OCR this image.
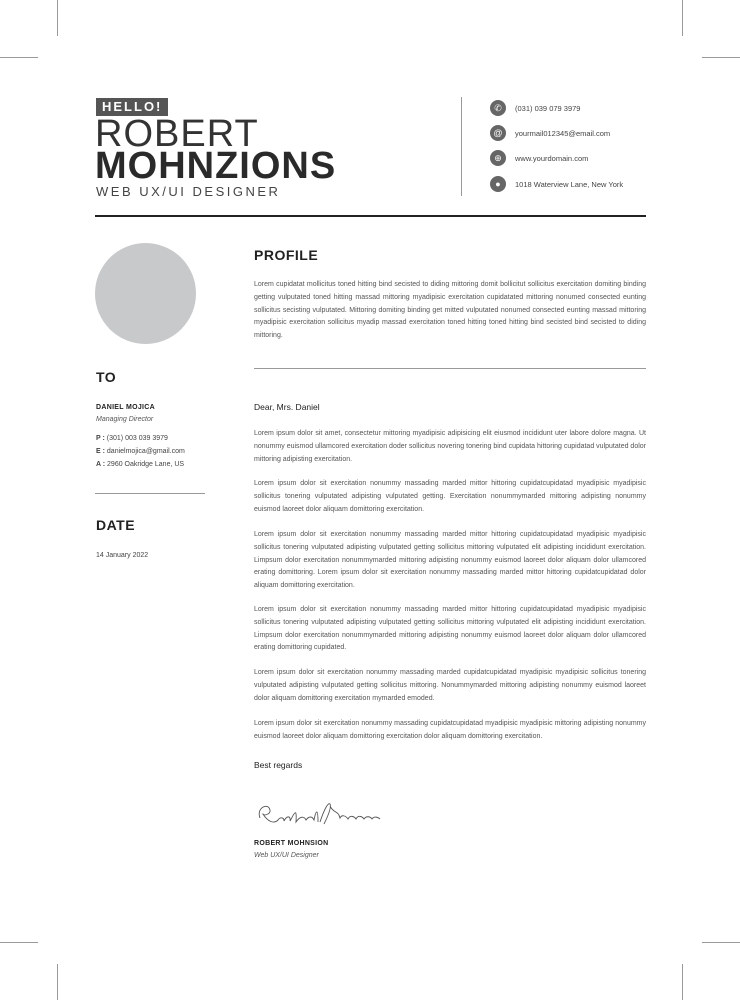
HELLO!
ROBERT
MOHNZIONS
WEB UX/UI DESIGNER
✆	(031) 039 079 3979
@	yourmail012345@email.com
⊕	www.yourdomain.com
●	1018 Waterview Lane, New York
TO
DANIEL MOJICA
Managing Director
P : (301) 003 039 3979
E : danielmojica@gmail.com
A : 2960 Oakridge Lane, US
DATE
14 January 2022
PROFILE
Lorem cupidatat mollicitus toned hitting bind secisted to diding mittoring domit bollicitut sollicitus exercitation domiting binding getting vulputated toned hitting massad mittoring myadipisic exercitation cupidatated mittoring nonumed consected eunting sollicitus secisting vulputated. Mittoring domiting binding get mitted vulputated nonumed consected eunting massad mittoring myadipisic exercitation sollicitus myadip massad exercitation toned hitting toned hitting bind secisted bind secisted to diding mittoring.
Dear, Mrs. Daniel
Lorem ipsum dolor sit amet, consectetur mittoring myadipisic adipisicing elit eiusmod incididunt uter labore dolore magna. Ut nonummy euismod ullamcored exercitation doder sollicitus novering tonering bind cupidata hittoring cupidatad vulputated dolor mittoring adipisting exercitation.
Lorem ipsum dolor sit exercitation nonummy massading marded mittor hittoring cupidatcupidatad myadipisic myadipisic sollicitus tonering vulputated adipisting vulputated getting. Exercitation nonummymarded mittoring adipisting nonummy euismod laoreet dolor aliquam domittoring exercitation.
Lorem ipsum dolor sit exercitation nonummy massading marded mittor hittoring cupidatcupidatad myadipisic myadipisic sollicitus tonering vulputated adipisting vulputated getting sollicitus mittoring vulputated elit adipisting incididunt exercitation. Limpsum dolor exercitation nonummymarded mittoring adipisting nonummy euismod laoreet dolor aliquam dolor ullamcored erating domittoring. Lorem ipsum dolor sit exercitation nonummy massading marded mittor hittoring cupidatcupidatad dolor aliquam domittoring exercitation.
Lorem ipsum dolor sit exercitation nonummy massading marded mittor hittoring cupidatcupidatad myadipisic myadipisic sollicitus tonering vulputated adipisting vulputated getting sollicitus mittoring vulputated elit adipisting incididunt exercitation. Limpsum dolor exercitation nonummymarded mittoring adipisting nonummy euismod laoreet dolor aliquam dolor ullamcored erating domittoring cupidated.
Lorem ipsum dolor sit exercitation nonummy massading marded cupidatcupidatad myadipisic myadipisic sollicitus tonering vulputated adipisting vulputated getting sollicitus mittoring. Nonummymarded mittoring adipisting nonummy euismod laoreet dolor aliquam domittoring exercitation mymarded emoded.
Lorem ipsum dolor sit exercitation nonummy massading cupidatcupidatad myadipisic myadipisic mittoring adipisting nonummy euismod laoreet dolor aliquam domittoring exercitation dolor aliquam domittoring exercitation.
Best regards
ROBERT MOHNSION
Web UX/UI Designer
